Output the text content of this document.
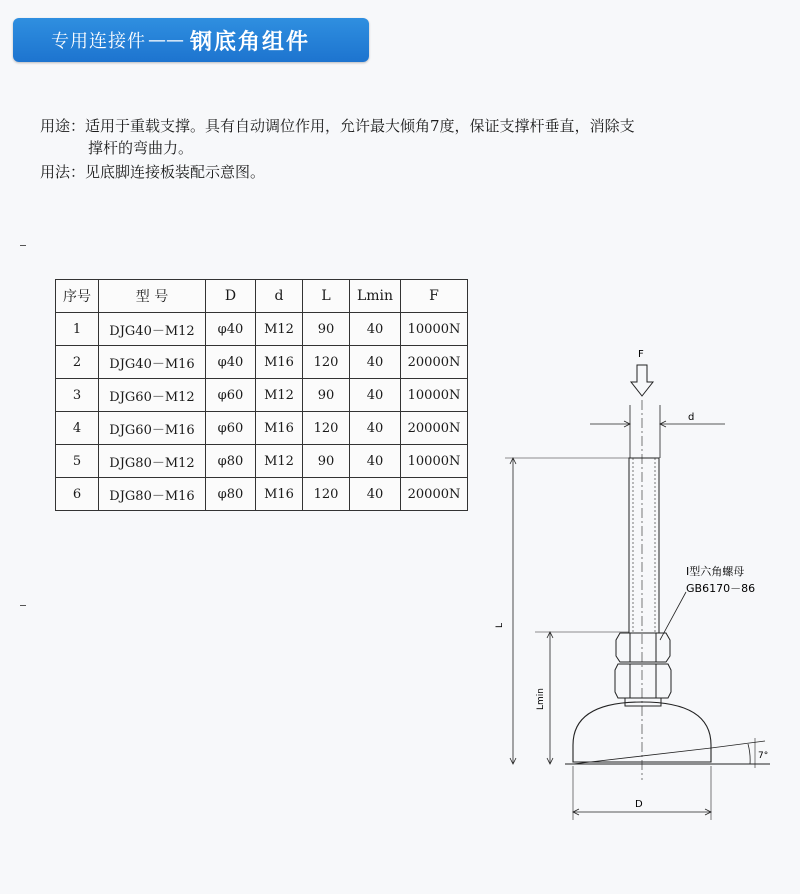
专用连接件 —— 钢底角组件
用途：适用于重载支撑。具有自动调位作用，允许最大倾角7度，保证支撑杆垂直，消除支
撑杆的弯曲力。
用法：见底脚连接板装配示意图。
序号	型 号	D	d	L	Lmin	F
1	DJG40－M12	φ40	M12	90	40	10000N
2	DJG40－M16	φ40	M16	120	40	20000N
3	DJG60－M12	φ60	M12	90	40	10000N
4	DJG60－M16	φ60	M16	120	40	20000N
5	DJG80－M12	φ80	M12	90	40	10000N
6	DJG80－M16	φ80	M16	120	40	20000N
F
d
L
Lmin
D
7°
I型六角螺母
GB6170－86
